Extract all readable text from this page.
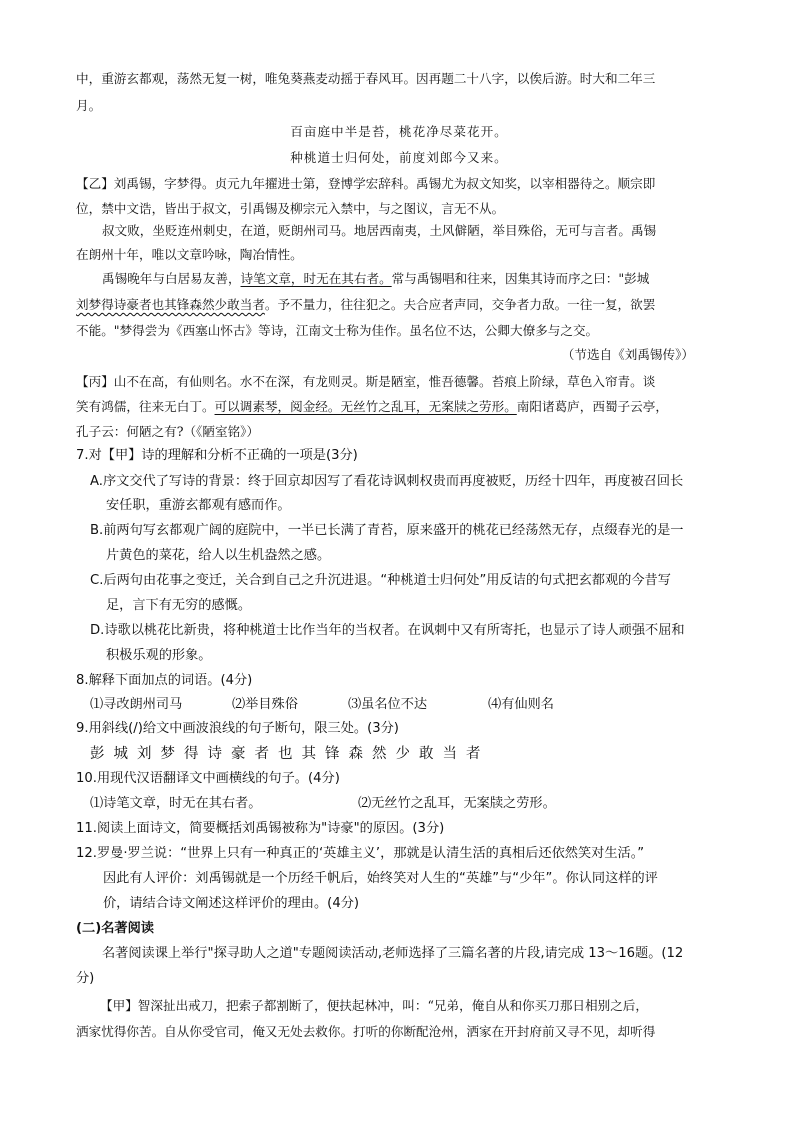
中，重游玄都观，荡然无复一树，唯兔葵燕麦动摇于春风耳。因再题二十八字，以俟后游。时大和二年三
月。
百亩庭中半是苔，桃花净尽菜花开。
种桃道士归何处，前度刘郎今又来。
【乙】刘禹锡，字梦得。贞元九年擢进士第，登博学宏辞科。禹锡尤为叔文知奖，以宰相器待之。顺宗即
位，禁中文诰，皆出于叔文，引禹锡及柳宗元入禁中，与之图议，言无不从。
叔文败，坐贬连州刺史，在道，贬朗州司马。地居西南夷，土风僻陋，举目殊俗，无可与言者。禹锡
在朗州十年，唯以文章吟咏，陶冶情性。
禹锡晚年与白居易友善，诗笔文章，时无在其右者。常与禹锡唱和往来，因集其诗而序之曰："彭城
刘梦得诗豪者也其锋森然少敢当者。予不量力，往往犯之。夫合应者声同，交争者力敌。一往一复，欲罢
不能。"梦得尝为《西塞山怀古》等诗，江南文士称为佳作。虽名位不达，公卿大僚多与之交。
（节选自《刘禹锡传》）
【丙】山不在高，有仙则名。水不在深，有龙则灵。斯是陋室，惟吾德馨。苔痕上阶绿，草色入帘青。谈
笑有鸿儒，往来无白丁。可以调素琴，阅金经。无丝竹之乱耳，无案牍之劳形。南阳诸葛庐，西蜀子云亭，
孔子云：何陋之有?（《陋室铭》）
7.对【甲】诗的理解和分析不正确的一项是(3分)
A.序文交代了写诗的背景：终于回京却因写了看花诗讽刺权贵而再度被贬，历经十四年，再度被召回长
安任职，重游玄都观有感而作。
B.前两句写玄都观广阔的庭院中，一半已长满了青苔，原来盛开的桃花已经荡然无存，点缀春光的是一
片黄色的菜花，给人以生机盎然之感。
C.后两句由花事之变迁，关合到自己之升沉进退。“种桃道士归何处”用反诘的句式把玄都观的今昔写
足，言下有无穷的感慨。
D.诗歌以桃花比新贵，将种桃道士比作当年的当权者。在讽刺中又有所寄托，也显示了诗人顽强不屈和
积极乐观的形象。
8.解释下面加点的词语。(4分)
⑴寻改朗州司马	⑵举目殊俗	⑶虽名位不达	⑷有仙则名
9.用斜线(/)给文中画波浪线的句子断句，限三处。(3分)
彭城刘梦得诗豪者也其锋森然少敢当者
10.用现代汉语翻译文中画横线的句子。(4分)
⑴诗笔文章，时无在其右者。	⑵无丝竹之乱耳，无案牍之劳形。
11.阅读上面诗文，简要概括刘禹锡被称为"诗豪"的原因。(3分)
12.罗曼·罗兰说：“世界上只有一种真正的‘英雄主义’，那就是认清生活的真相后还依然笑对生活。”
因此有人评价：刘禹锡就是一个历经千帆后，始终笑对人生的“英雄”与“少年”。你认同这样的评
价，请结合诗文阐述这样评价的理由。(4分)
(二)名著阅读
名著阅读课上举行"探寻助人之道"专题阅读活动,老师选择了三篇名著的片段,请完成 13～16题。(12
分)
【甲】智深扯出戒刀，把索子都割断了，便扶起林冲，叫：“兄弟，俺自从和你买刀那日相别之后，
洒家忧得你苦。自从你受官司，俺又无处去救你。打听的你断配沧州，洒家在开封府前又寻不见，却听得
